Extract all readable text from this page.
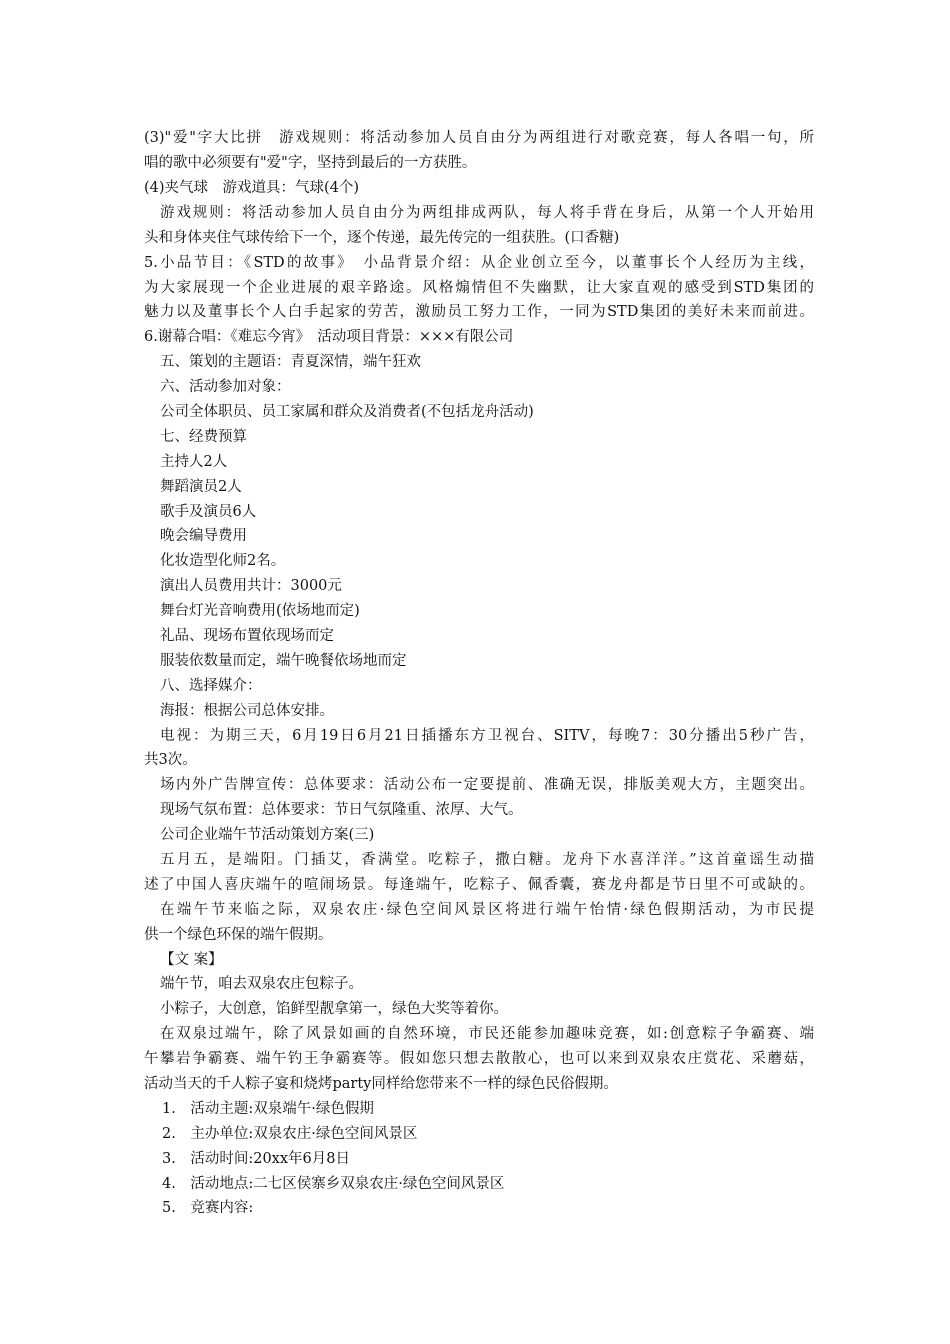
(3)"爱"字大比拼　游戏规则：将活动参加人员自由分为两组进行对歌竞赛，每人各唱一句，所
唱的歌中必须要有"爱"字，坚持到最后的一方获胜。
(4)夹气球　游戏道具：气球(4个)
游戏规则：将活动参加人员自由分为两组排成两队，每人将手背在身后，从第一个人开始用
头和身体夹住气球传给下一个，逐个传递，最先传完的一组获胜。(口香糖)
5.小品节目：《STD的故事》　小品背景介绍：从企业创立至今，以董事长个人经历为主线，
为大家展现一个企业进展的艰辛路途。风格煽情但不失幽默，让大家直观的感受到STD集团的
魅力以及董事长个人白手起家的劳苦，激励员工努力工作，一同为STD集团的美好未来而前进。
6.谢幕合唱：《难忘今宵》　活动项目背景：×××有限公司
五、策划的主题语：青夏深情，端午狂欢
六、活动参加对象：
公司全体职员、员工家属和群众及消费者(不包括龙舟活动)
七、经费预算
主持人2人
舞蹈演员2人
歌手及演员6人
晚会编导费用
化妆造型化师2名。
演出人员费用共计：3000元
舞台灯光音响费用(依场地而定)
礼品、现场布置依现场而定
服装依数量而定，端午晚餐依场地而定
八、选择媒介：
海报：根据公司总体安排。
电视：为期三天，6月19日6月21日插播东方卫视台、SITV，每晚7：30分播出5秒广告，
共3次。
场内外广告牌宣传：总体要求：活动公布一定要提前、准确无误，排版美观大方，主题突出。
现场气氛布置：总体要求：节日气氛隆重、浓厚、大气。
公司企业端午节活动策划方案(三)
五月五，是端阳。门插艾，香满堂。吃粽子，撒白糖。龙舟下水喜洋洋。”这首童谣生动描
述了中国人喜庆端午的喧闹场景。每逢端午，吃粽子、佩香囊，赛龙舟都是节日里不可或缺的。
在端午节来临之际，双泉农庄·绿色空间风景区将进行端午怡情·绿色假期活动，为市民提
供一个绿色环保的端午假期。
【文 案】
端午节，咱去双泉农庄包粽子。
小粽子，大创意，馅鲜型靓拿第一，绿色大奖等着你。
在双泉过端午，除了风景如画的自然环境，市民还能参加趣味竞赛，如:创意粽子争霸赛、端
午攀岩争霸赛、端午钓王争霸赛等。假如您只想去散散心，也可以来到双泉农庄赏花、采蘑菇，
活动当天的千人粽子宴和烧烤party同样给您带来不一样的绿色民俗假期。
1.　活动主题:双泉端午·绿色假期
2.　主办单位:双泉农庄·绿色空间风景区
3.　活动时间:20xx年6月8日
4.　活动地点:二七区侯寨乡双泉农庄·绿色空间风景区
5.　竞赛内容:
